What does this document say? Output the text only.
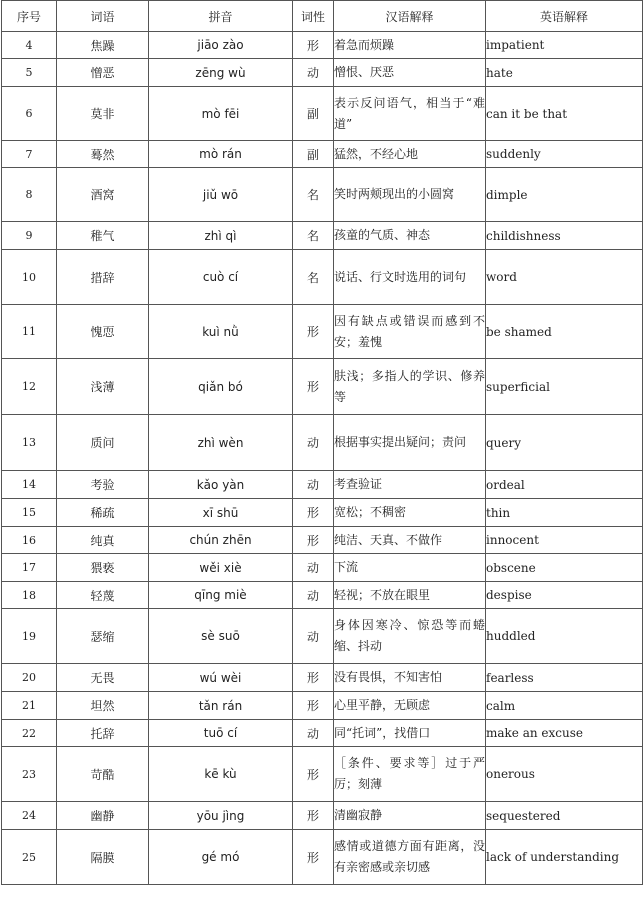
序号	词语	拼音	词性	汉语解释	英语解释
4	焦躁	jiāo zào	形	着急而烦躁	impatient
5	憎恶	zēng wù	动	憎恨、厌恶	hate
6	莫非	mò fēi	副	表示反问语气，相当于“难道”	can it be that
7	蓦然	mò rán	副	猛然，不经心地	suddenly
8	酒窝	jiǔ wō	名	笑时两颊现出的小圆窝	dimple
9	稚气	zhì qì	名	孩童的气质、神态	childishness
10	措辞	cuò cí	名	说话、行文时选用的词句	word
11	愧恧	kuì nǜ	形	因有缺点或错误而感到不安；羞愧	be shamed
12	浅薄	qiǎn bó	形	肤浅；多指人的学识、修养等	superficial
13	质问	zhì wèn	动	根据事实提出疑问；责问	query
14	考验	kǎo yàn	动	考查验证	ordeal
15	稀疏	xī shū	形	宽松；不稠密	thin
16	纯真	chún zhēn	形	纯洁、天真、不做作	innocent
17	猥亵	wěi xiè	动	下流	obscene
18	轻蔑	qīng miè	动	轻视；不放在眼里	despise
19	瑟缩	sè suō	动	身体因寒冷、惊恐等而蜷缩、抖动	huddled
20	无畏	wú wèi	形	没有畏惧，不知害怕	fearless
21	坦然	tǎn rán	形	心里平静，无顾虑	calm
22	托辞	tuō cí	动	同“托词”，找借口	make an excuse
23	苛酷	kē kù	形	［条件、要求等］过于严厉；刻薄	onerous
24	幽静	yōu jìng	形	清幽寂静	sequestered
25	隔膜	gé mó	形	感情或道德方面有距离，没有亲密感或亲切感	lack of understanding
